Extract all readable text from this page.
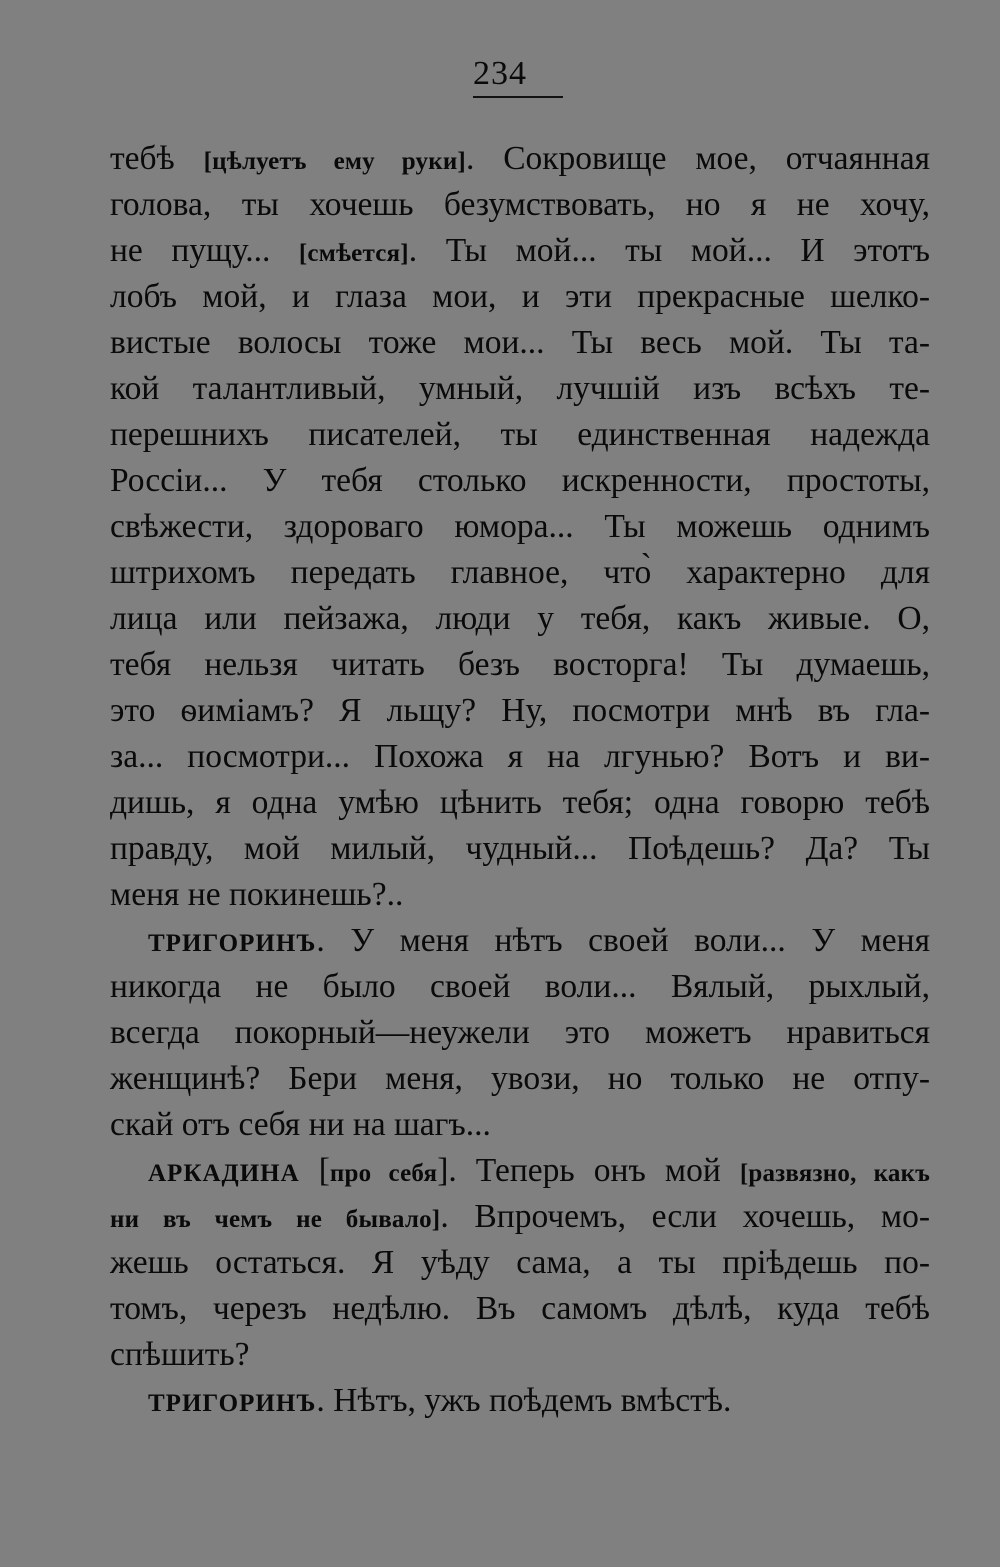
234
тебѣ [цѣлуетъ ему руки]. Сокровище мое, отчаянная
голова, ты хочешь безумствовать, но я не хочу,
не пущу... [смѣется]. Ты мой... ты мой... И этотъ
лобъ мой, и глаза мои, и эти прекрасные шелко-
вистые волосы тоже мои... Ты весь мой. Ты та-
кой талантливый, умный, лучшій изъ всѣхъ те-
перешнихъ писателей, ты единственная надежда
Россіи... У тебя столько искренности, простоты,
свѣжести, здороваго юмора... Ты можешь однимъ
штрихомъ передать главное, что̀ характерно для
лица или пейзажа, люди у тебя, какъ живые. О,
тебя нельзя читать безъ восторга! Ты думаешь,
это ѳиміамъ? Я льщу? Ну, посмотри мнѣ въ гла-
за... посмотри... Похожа я на лгунью? Вотъ и ви-
дишь, я одна умѣю цѣнить тебя; одна говорю тебѣ
правду, мой милый, чудный... Поѣдешь? Да? Ты
меня не покинешь?..
ТРИГОРИНЪ. У меня нѣтъ своей воли... У меня
никогда не было своей воли... Вялый, рыхлый,
всегда покорный—неужели это можетъ нравиться
женщинѣ? Бери меня, увози, но только не отпу-
скай отъ себя ни на шагъ...
АРКАДИНА [про себя]. Теперь онъ мой [развязно, какъ
ни въ чемъ не бывало]. Впрочемъ, если хочешь, мо-
жешь остаться. Я уѣду сама, а ты пріѣдешь по-
томъ, черезъ недѣлю. Въ самомъ дѣлѣ, куда тебѣ
спѣшить?
ТРИГОРИНЪ. Нѣтъ, ужъ поѣдемъ вмѣстѣ.
